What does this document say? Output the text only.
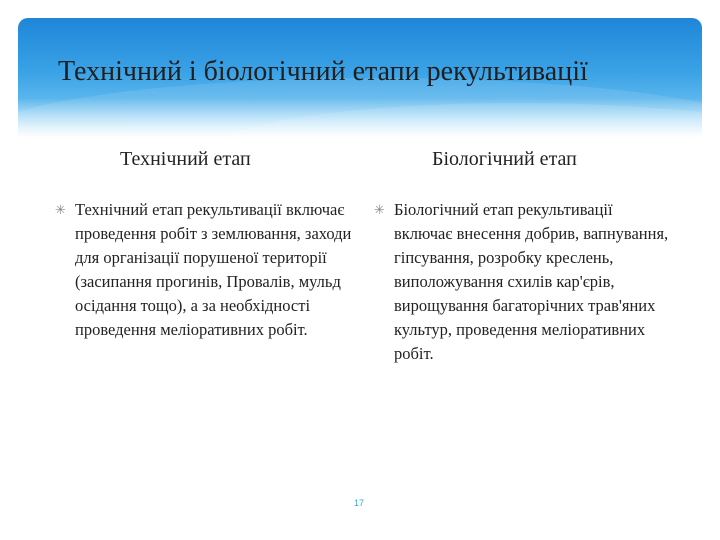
Технічний і біологічний етапи рекультивації
Технічний етап	Біологічний етап
✳ Технічний етап рекультивації включає проведення робіт з землювання, заходи для організації порушеної території (засипання прогинів, Провалів, мульд осідання тощо), а за необхідності проведення меліоративних робіт.
✳ Біологічний етап рекультивації включає внесення добрив, вапнування, гіпсування, розробку креслень, виположування схилів кар'єрів, вирощування багаторічних трав'яних культур, проведення меліоративних робіт.
17
